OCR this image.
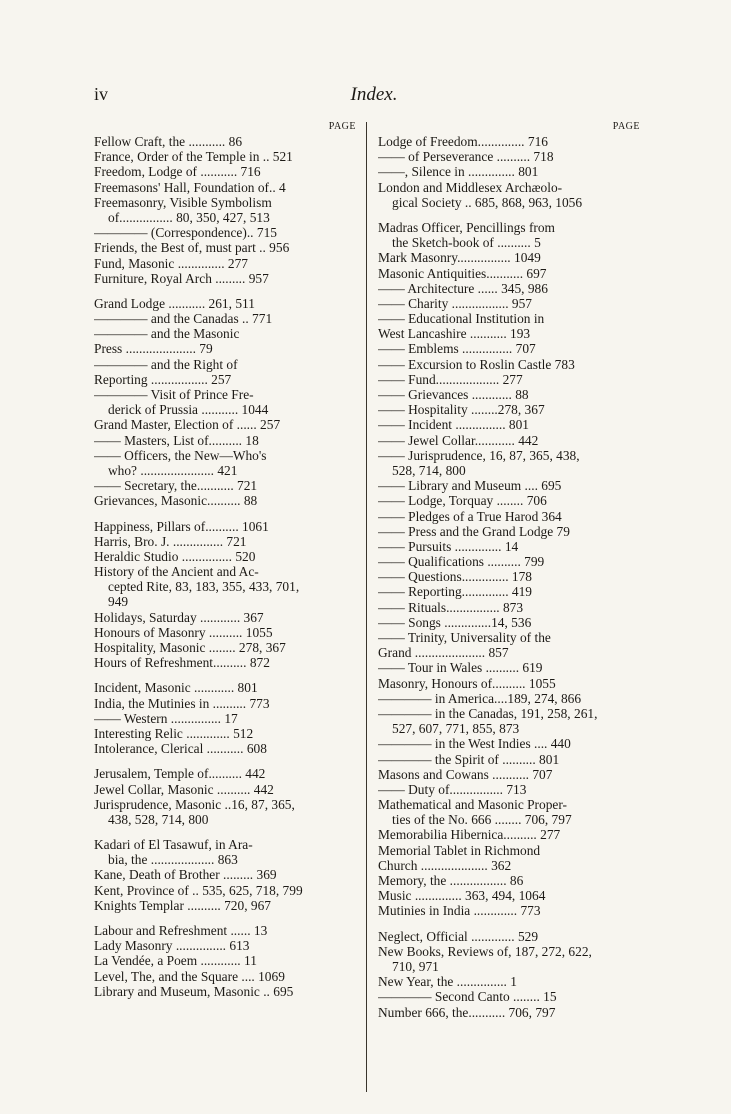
iv	Index.
PAGE
Fellow Craft, the ........... 86
France, Order of the Temple in .. 521
Freedom, Lodge of ........... 716
Freemasons' Hall, Foundation of.. 4
Freemasonry, Visible Symbolism
of................ 80, 350, 427, 513
———— (Correspondence).. 715
Friends, the Best of, must part .. 956
Fund, Masonic .............. 277
Furniture, Royal Arch ......... 957
Grand Lodge ........... 261, 511
———— and the Canadas .. 771
———— and the Masonic
Press ..................... 79
———— and the Right of
Reporting ................. 257
———— Visit of Prince Fre-
derick of Prussia ........... 1044
Grand Master, Election of ...... 257
—— Masters, List of.......... 18
—— Officers, the New—Who's
who? ...................... 421
—— Secretary, the........... 721
Grievances, Masonic.......... 88
Happiness, Pillars of.......... 1061
Harris, Bro. J. ............... 721
Heraldic Studio ............... 520
History of the Ancient and Ac-
cepted Rite, 83, 183, 355, 433, 701,
949
Holidays, Saturday ............ 367
Honours of Masonry .......... 1055
Hospitality, Masonic ........ 278, 367
Hours of Refreshment.......... 872
Incident, Masonic ............ 801
India, the Mutinies in .......... 773
—— Western ............... 17
Interesting Relic ............. 512
Intolerance, Clerical ........... 608
Jerusalem, Temple of.......... 442
Jewel Collar, Masonic .......... 442
Jurisprudence, Masonic ..16, 87, 365,
438, 528, 714, 800
Kadari of El Tasawuf, in Ara-
bia, the ................... 863
Kane, Death of Brother ......... 369
Kent, Province of .. 535, 625, 718, 799
Knights Templar .......... 720, 967
Labour and Refreshment ...... 13
Lady Masonry ............... 613
La Vendée, a Poem ............ 11
Level, The, and the Square .... 1069
Library and Museum, Masonic .. 695
PAGE
Lodge of Freedom.............. 716
—— of Perseverance .......... 718
——, Silence in .............. 801
London and Middlesex Archæolo-
gical Society .. 685, 868, 963, 1056
Madras Officer, Pencillings from
the Sketch-book of .......... 5
Mark Masonry................ 1049
Masonic Antiquities........... 697
—— Architecture ...... 345, 986
—— Charity ................. 957
—— Educational Institution in
West Lancashire ........... 193
—— Emblems ............... 707
—— Excursion to Roslin Castle 783
—— Fund................... 277
—— Grievances ............ 88
—— Hospitality ........278, 367
—— Incident ............... 801
—— Jewel Collar............ 442
—— Jurisprudence, 16, 87, 365, 438,
528, 714, 800
—— Library and Museum .... 695
—— Lodge, Torquay ........ 706
—— Pledges of a True Harod 364
—— Press and the Grand Lodge 79
—— Pursuits .............. 14
—— Qualifications .......... 799
—— Questions.............. 178
—— Reporting.............. 419
—— Rituals................ 873
—— Songs ..............14, 536
—— Trinity, Universality of the
Grand ..................... 857
—— Tour in Wales .......... 619
Masonry, Honours of.......... 1055
———— in America....189, 274, 866
———— in the Canadas, 191, 258, 261,
527, 607, 771, 855, 873
———— in the West Indies .... 440
———— the Spirit of .......... 801
Masons and Cowans ........... 707
—— Duty of................ 713
Mathematical and Masonic Proper-
ties of the No. 666 ........ 706, 797
Memorabilia Hibernica.......... 277
Memorial Tablet in Richmond
Church .................... 362
Memory, the ................. 86
Music .............. 363, 494, 1064
Mutinies in India ............. 773
Neglect, Official ............. 529
New Books, Reviews of, 187, 272, 622,
710, 971
New Year, the ............... 1
———— Second Canto ........ 15
Number 666, the........... 706, 797
